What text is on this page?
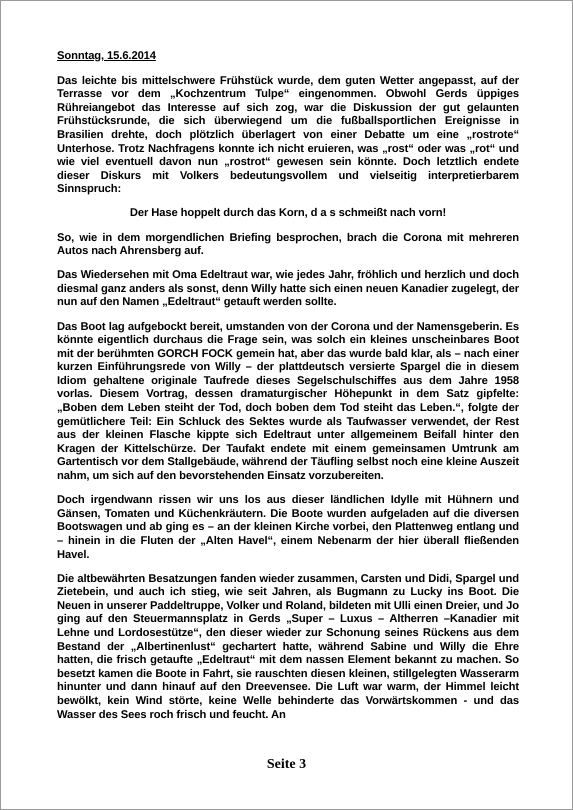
Sonntag, 15.6.2014

Das leichte bis mittelschwere Frühstück wurde, dem guten Wetter angepasst, auf der Terrasse vor dem „Kochzentrum Tulpe“ eingenommen. Obwohl Gerds üppiges Rühreiangebot das Interesse auf sich zog, war die Diskussion der gut gelaunten Frühstücksrunde, die sich überwiegend um die fußballsportlichen Ereignisse in Brasilien drehte, doch plötzlich überlagert von einer Debatte um eine „rostrote“ Unterhose. Trotz Nachfragens konnte ich nicht eruieren, was „rost“ oder was „rot“ und wie viel eventuell davon nun „rostrot“ gewesen sein könnte. Doch letztlich endete dieser Diskurs mit Volkers bedeutungsvollem und vielseitig interpretierbarem Sinnspruch:

Der Hase hoppelt durch das Korn, d a s schmeißt nach vorn!

So, wie in dem morgendlichen Briefing besprochen, brach die Corona mit mehreren Autos nach Ahrensberg auf.

Das Wiedersehen mit Oma Edeltraut war, wie jedes Jahr, fröhlich und herzlich und doch diesmal ganz anders als sonst, denn Willy hatte sich einen neuen Kanadier zugelegt, der nun auf den Namen „Edeltraut“ getauft werden sollte.

Das Boot lag aufgebockt bereit, umstanden von der Corona und der Namensgeberin. Es könnte eigentlich durchaus die Frage sein, was solch ein kleines unscheinbares Boot mit der berühmten GORCH FOCK gemein hat, aber das wurde bald klar, als – nach einer kurzen Einführungsrede von Willy – der plattdeutsch versierte Spargel die in diesem Idiom gehaltene originale Taufrede dieses Segelschulschiffes aus dem Jahre 1958 vorlas. Diesem Vortrag, dessen dramaturgischer Höhepunkt in dem Satz gipfelte: „Boben dem Leben steiht der Tod, doch boben dem Tod steiht das Leben.“, folgte der gemütlichere Teil: Ein Schluck des Sektes wurde als Taufwasser verwendet, der Rest aus der kleinen Flasche kippte sich Edeltraut unter allgemeinem Beifall hinter den Kragen der Kittelschürze. Der Taufakt endete mit einem gemeinsamen Umtrunk am Gartentisch vor dem Stallgebäude, während der Täufling selbst noch eine kleine Auszeit nahm, um sich auf den bevorstehenden Einsatz vorzubereiten.

Doch irgendwann rissen wir uns los aus dieser ländlichen Idylle mit Hühnern und Gänsen, Tomaten und Küchenkräutern. Die Boote wurden aufgeladen auf die diversen Bootswagen und ab ging es – an der kleinen Kirche vorbei, den Plattenweg entlang und – hinein in die Fluten der „Alten Havel“, einem Nebenarm der hier überall fließenden Havel.

Die altbewährten Besatzungen fanden wieder zusammen, Carsten und Didi, Spargel und Zietebein, und auch ich stieg, wie seit Jahren, als Bugmann zu Lucky ins Boot. Die Neuen in unserer Paddeltruppe, Volker und Roland, bildeten mit Ulli einen Dreier, und Jo ging auf den Steuermannsplatz in Gerds „Super – Luxus – Altherren –Kanadier mit Lehne und Lordosestütze“, den dieser wieder zur Schonung seines Rückens aus dem Bestand der „Albertinenlust“ gechartert hatte, während Sabine und Willy die Ehre hatten, die frisch getaufte „Edeltraut“ mit dem nassen Element bekannt zu machen. So besetzt kamen die Boote in Fahrt, sie rauschten diesen kleinen, stillgelegten Wasserarm hinunter und dann hinauf auf den Dreevensee. Die Luft war warm, der Himmel leicht bewölkt, kein Wind störte, keine Welle behinderte das Vorwärtskommen - und das Wasser des Sees roch frisch und feucht. An

Seite 3
